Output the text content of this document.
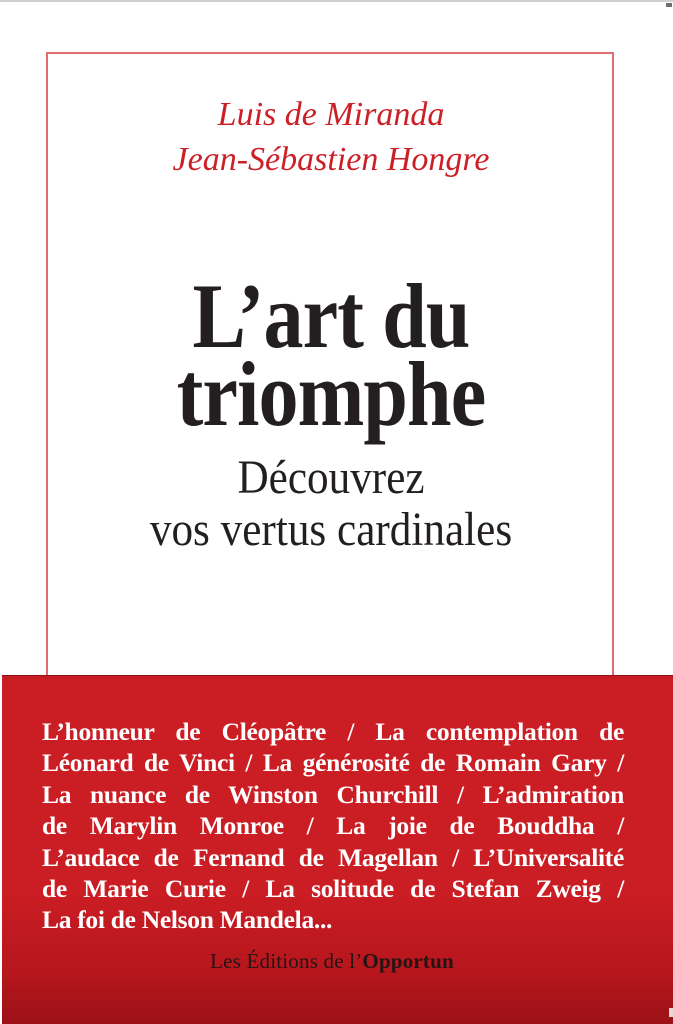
Luis de Miranda
Jean-Sébastien Hongre
L’art du
triomphe
Découvrez
vos vertus cardinales
L’honneur de Cléopâtre / La contemplation de
Léonard de Vinci / La générosité de Romain Gary /
La nuance de Winston Churchill / L’admiration
de Marylin Monroe / La joie de Bouddha /
L’audace de Fernand de Magellan / L’Universalité
de Marie Curie / La solitude de Stefan Zweig /
La foi de Nelson Mandela...
Les Éditions de l’Opportun
